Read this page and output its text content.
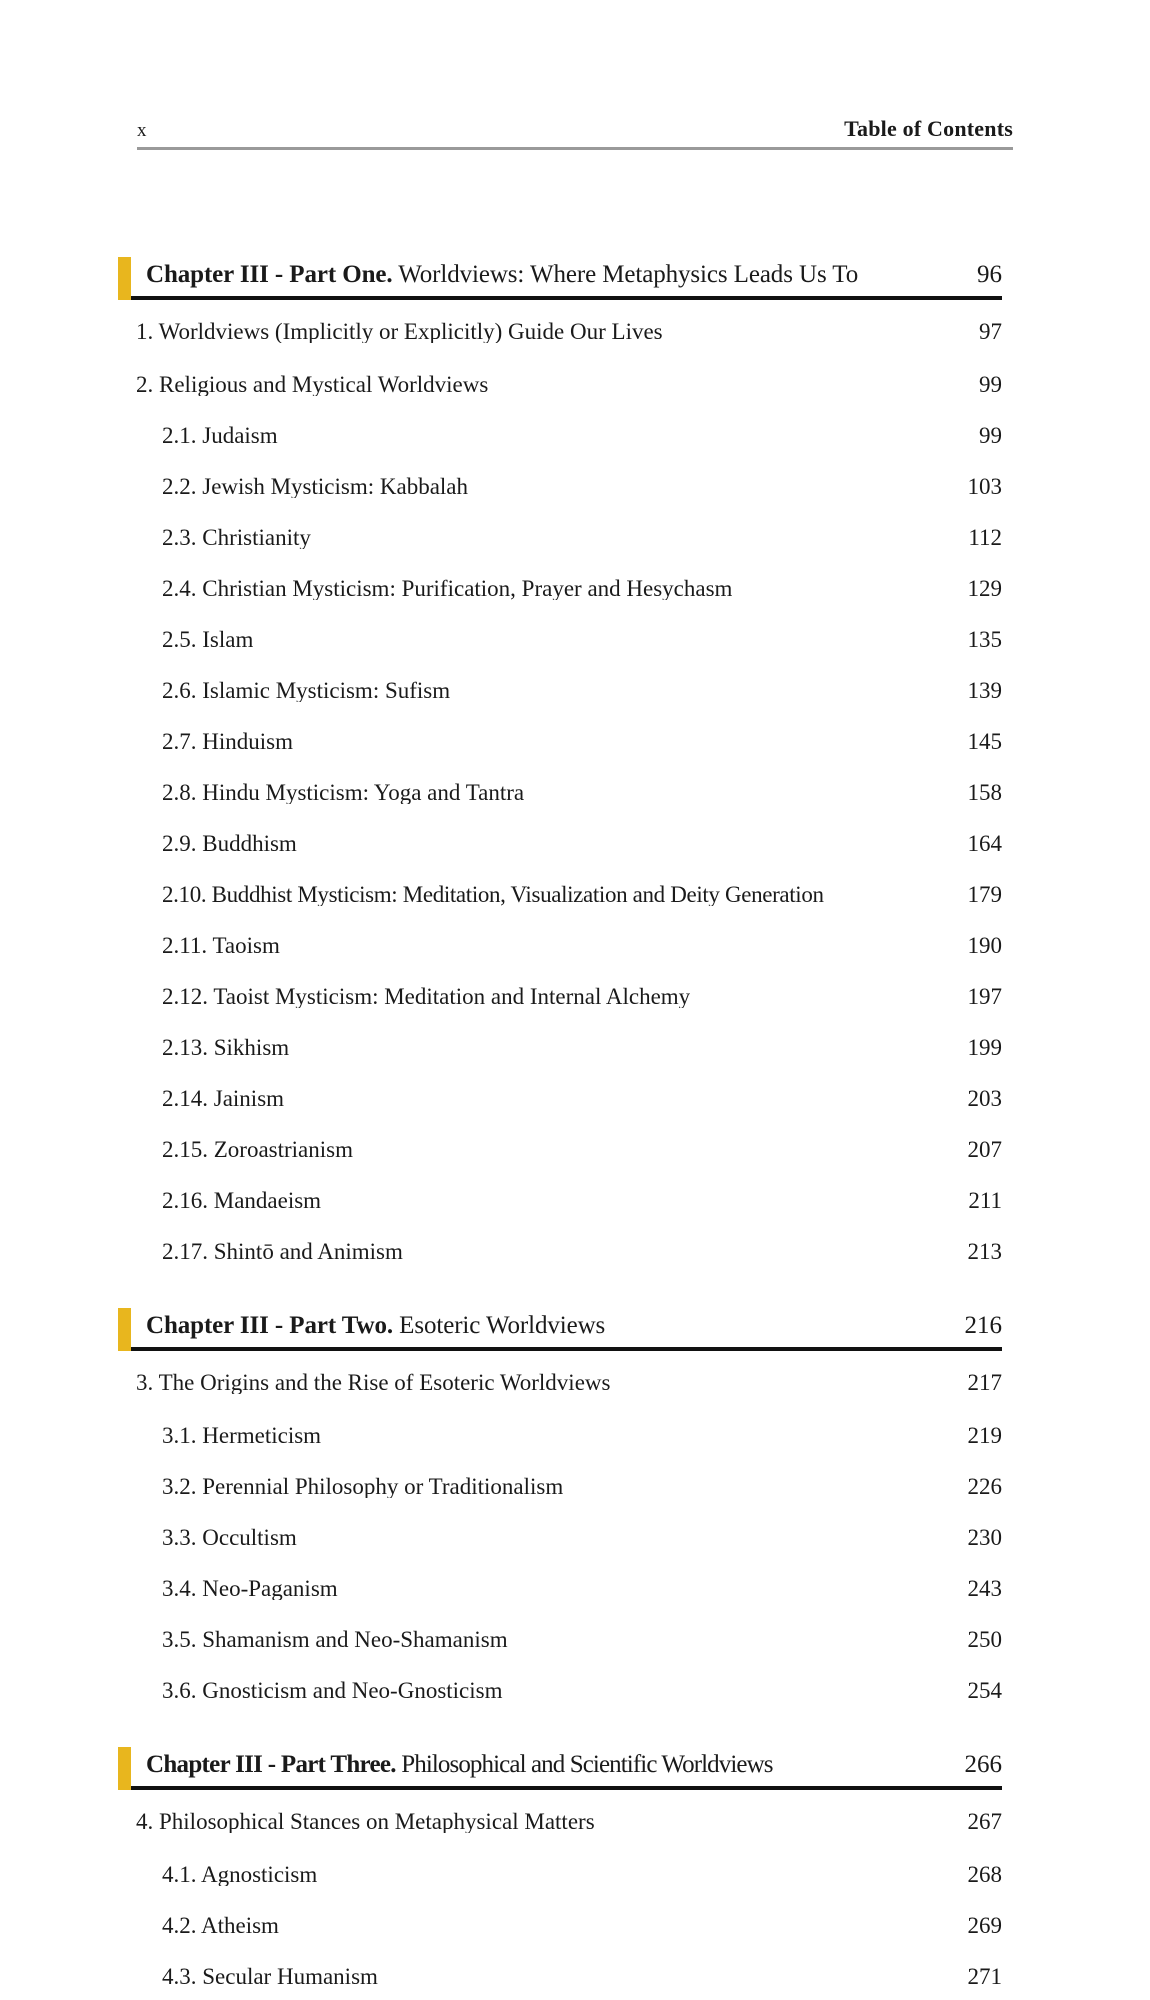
x	Table of Contents
Chapter III - Part One. Worldviews: Where Metaphysics Leads Us To	96
1. Worldviews (Implicitly or Explicitly) Guide Our Lives	97
2. Religious and Mystical Worldviews	99
2.1. Judaism	99
2.2. Jewish Mysticism: Kabbalah	103
2.3. Christianity	112
2.4. Christian Mysticism: Purification, Prayer and Hesychasm	129
2.5. Islam	135
2.6. Islamic Mysticism: Sufism	139
2.7. Hinduism	145
2.8. Hindu Mysticism: Yoga and Tantra	158
2.9. Buddhism	164
2.10. Buddhist Mysticism: Meditation, Visualization and Deity Generation	179
2.11. Taoism	190
2.12. Taoist Mysticism: Meditation and Internal Alchemy	197
2.13. Sikhism	199
2.14. Jainism	203
2.15. Zoroastrianism	207
2.16. Mandaeism	211
2.17. Shintō and Animism	213
Chapter III - Part Two. Esoteric Worldviews	216
3. The Origins and the Rise of Esoteric Worldviews	217
3.1. Hermeticism	219
3.2. Perennial Philosophy or Traditionalism	226
3.3. Occultism	230
3.4. Neo-Paganism	243
3.5. Shamanism and Neo-Shamanism	250
3.6. Gnosticism and Neo-Gnosticism	254
Chapter III - Part Three. Philosophical and Scientific Worldviews	266
4. Philosophical Stances on Metaphysical Matters	267
4.1. Agnosticism	268
4.2. Atheism	269
4.3. Secular Humanism	271
